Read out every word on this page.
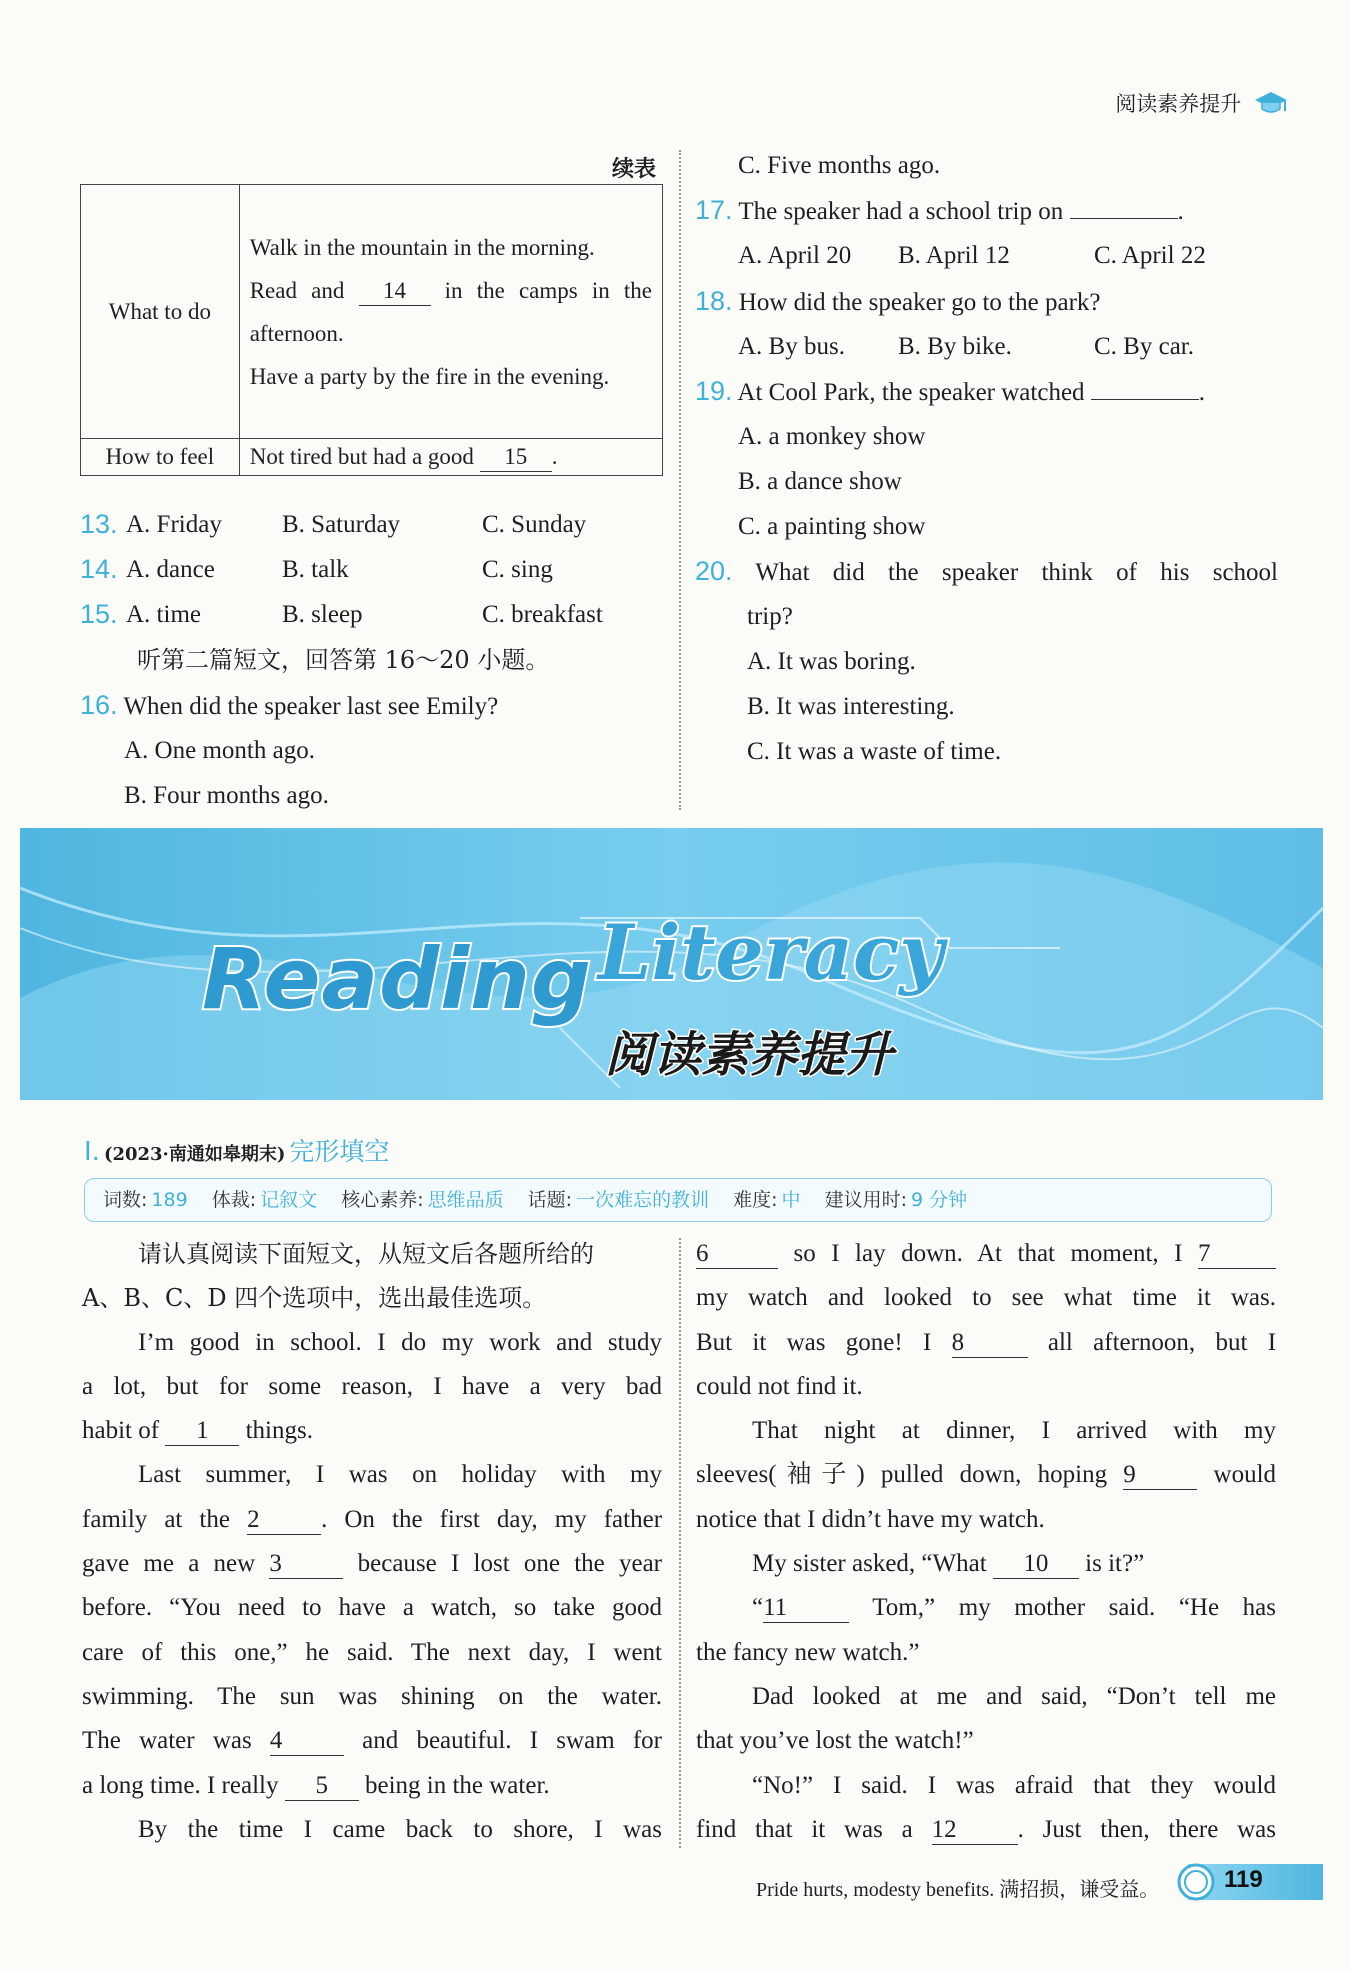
阅读素养提升
续表
What to do	Walk in the mountain in the morning.
Read and 14 in the camps in the afternoon.
Have a party by the fire in the evening.

How to feel	Not tired but had a good 15 .
13. A. Friday B. Saturday	C. Sunday
14. A. dance	B. talk	C. sing
15. A. time	B. sleep	C. breakfast
听第二篇短文，回答第 16～20 小题。
16. When did the speaker last see Emily?
A. One month ago.
B. Four months ago.
C. Five months ago.
17. The speaker had a school trip on	.
A. April 20 B. April 12	C. April 22
18. How did the speaker go to the park?
A. By bus. B. By bike.	C. By car.
19. At Cool Park, the speaker watched	.
A. a monkey show
B. a dance show
C. a painting show
20. What did the speaker think of his school
trip?
A. It was boring.
B. It was interesting.
C. It was a waste of time.
Reading Literacy
阅读素养提升
Ⅰ. (2023·南通如皋期末) 完形填空
词数: 189 体裁: 记叙文 核心素养: 思维品质 话题: 一次难忘的教训 难度: 中 建议用时: 9 分钟
请认真阅读下面短文，从短文后各题所给的
A、B、C、D 四个选项中，选出最佳选项。
I’m good in school. I do my work and study
a lot, but for some reason, I have a very bad
habit of 1 things.
Last summer, I was on holiday with my
family at the 2 . On the first day, my father
gave me a new 3	because I lost one the year
before. “You need to have a watch, so take good
care of this one,” he said. The next day, I went
swimming. The sun was shining on the water.
The water was 4	and beautiful. I swam for
a long time. I really 5 being in the water.
By the time I came back to shore, I was
6	so I lay down. At that moment, I 7
my watch and looked to see what time it was.
But it was gone! I 8	all afternoon, but I
could not find it.
That night at dinner, I arrived with my
sleeves(袖子) pulled down, hoping 9	would
notice that I didn’t have my watch.
My sister asked, “What 10 is it?”
“11	Tom,” my mother said. “He has
the fancy new watch.”
Dad looked at me and said, “Don’t tell me
that you’ve lost the watch!”
“No!” I said. I was afraid that they would
find that it was a 12 . Just then, there was
Pride hurts, modesty benefits. 满招损，谦受益。	119
